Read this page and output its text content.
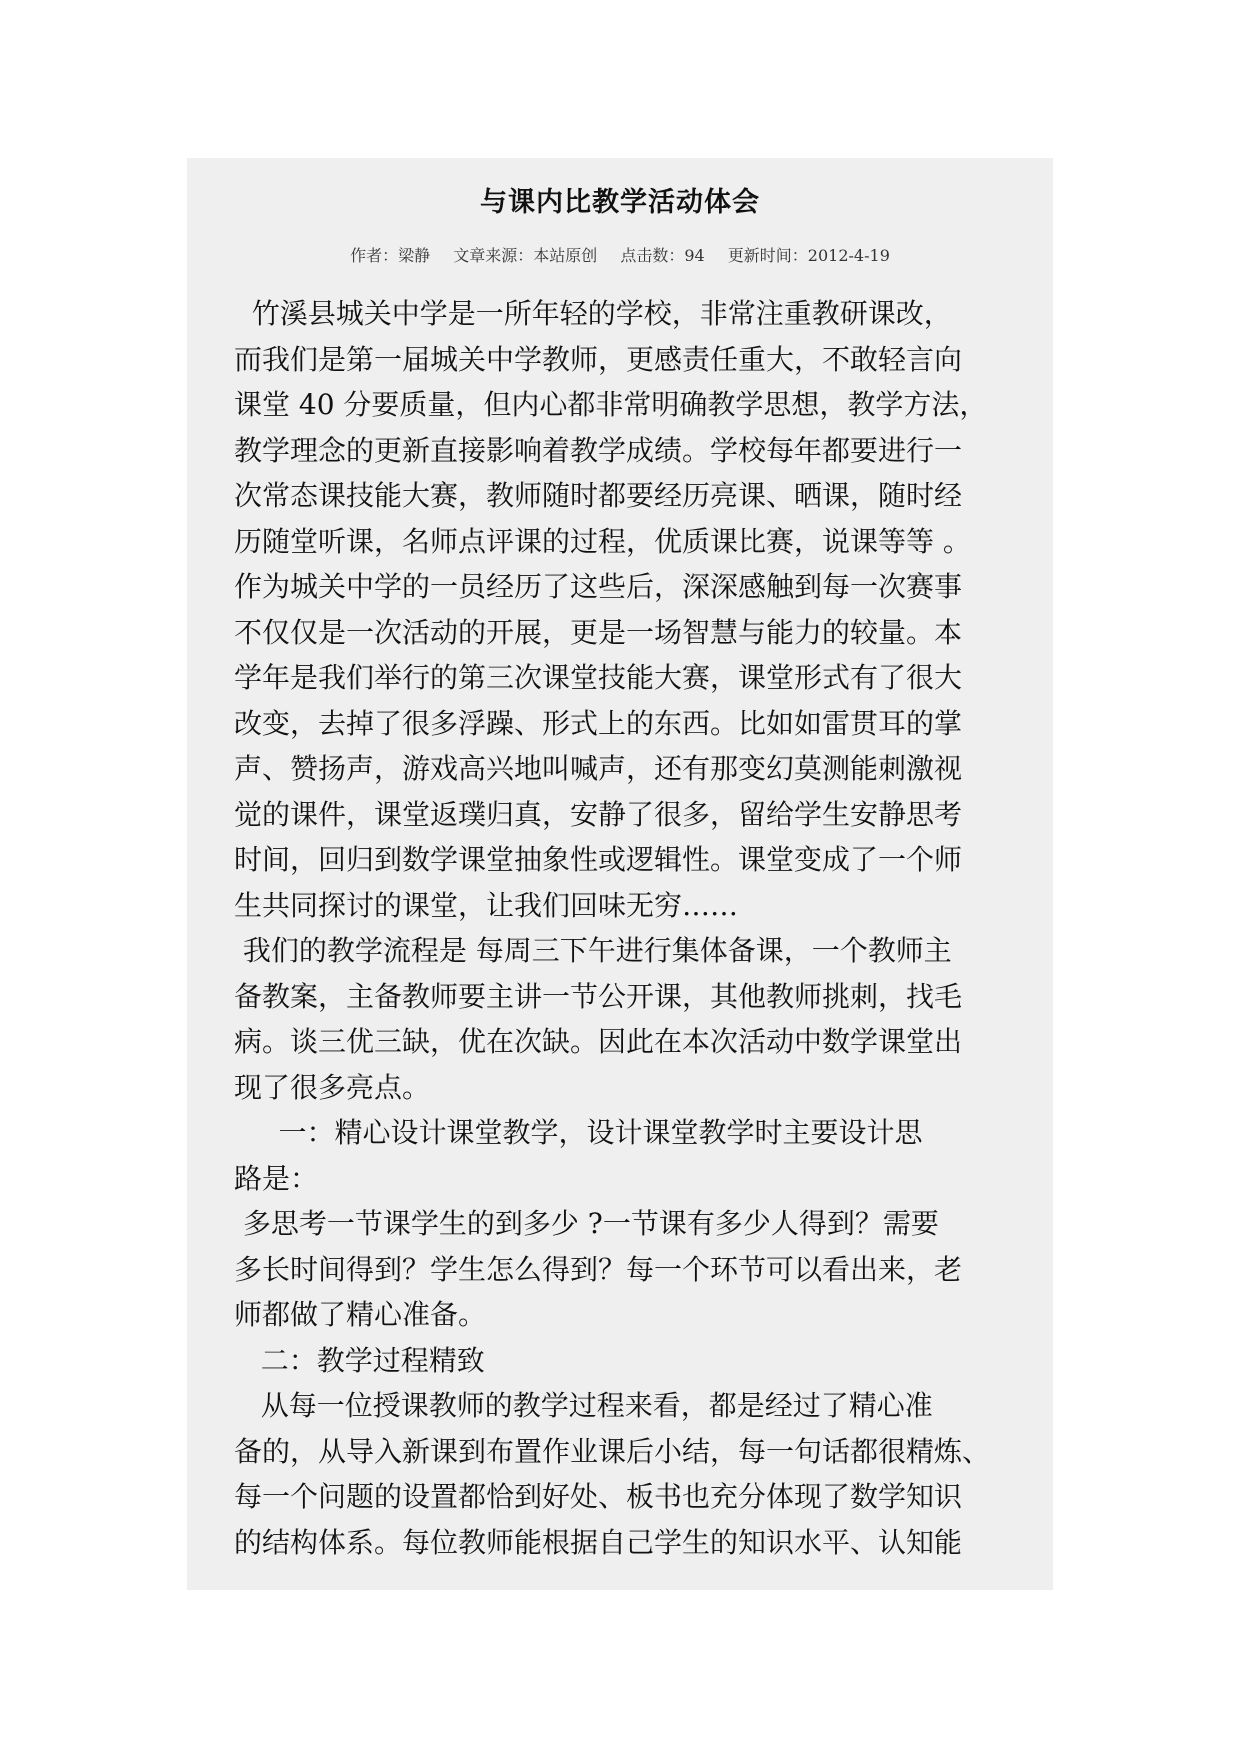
与课内比教学活动体会
作者：梁静 文章来源：本站原创 点击数：94 更新时间：2012-4-19
竹溪县城关中学是一所年轻的学校，非常注重教研课改，
而我们是第一届城关中学教师，更感责任重大，不敢轻言向
课堂 40 分要质量，但内心都非常明确教学思想，教学方法，
教学理念的更新直接影响着教学成绩。学校每年都要进行一
次常态课技能大赛，教师随时都要经历亮课、晒课，随时经
历随堂听课，名师点评课的过程，优质课比赛，说课等等 。
作为城关中学的一员经历了这些后，深深感触到每一次赛事
不仅仅是一次活动的开展，更是一场智慧与能力的较量。本
学年是我们举行的第三次课堂技能大赛，课堂形式有了很大
改变，去掉了很多浮躁、形式上的东西。比如如雷贯耳的掌
声、赞扬声，游戏高兴地叫喊声，还有那变幻莫测能刺激视
觉的课件，课堂返璞归真，安静了很多，留给学生安静思考
时间，回归到数学课堂抽象性或逻辑性。课堂变成了一个师
生共同探讨的课堂，让我们回味无穷……
我们的教学流程是 每周三下午进行集体备课，一个教师主
备教案，主备教师要主讲一节公开课，其他教师挑刺，找毛
病。谈三优三缺，优在次缺。因此在本次活动中数学课堂出
现了很多亮点。
一：精心设计课堂教学，设计课堂教学时主要设计思
路是：
多思考一节课学生的到多少 ?一节课有多少人得到？需要
多长时间得到？学生怎么得到？每一个环节可以看出来，老
师都做了精心准备。
二：教学过程精致
从每一位授课教师的教学过程来看，都是经过了精心准
备的，从导入新课到布置作业课后小结，每一句话都很精炼、
每一个问题的设置都恰到好处、板书也充分体现了数学知识
的结构体系。每位教师能根据自己学生的知识水平、认知能
